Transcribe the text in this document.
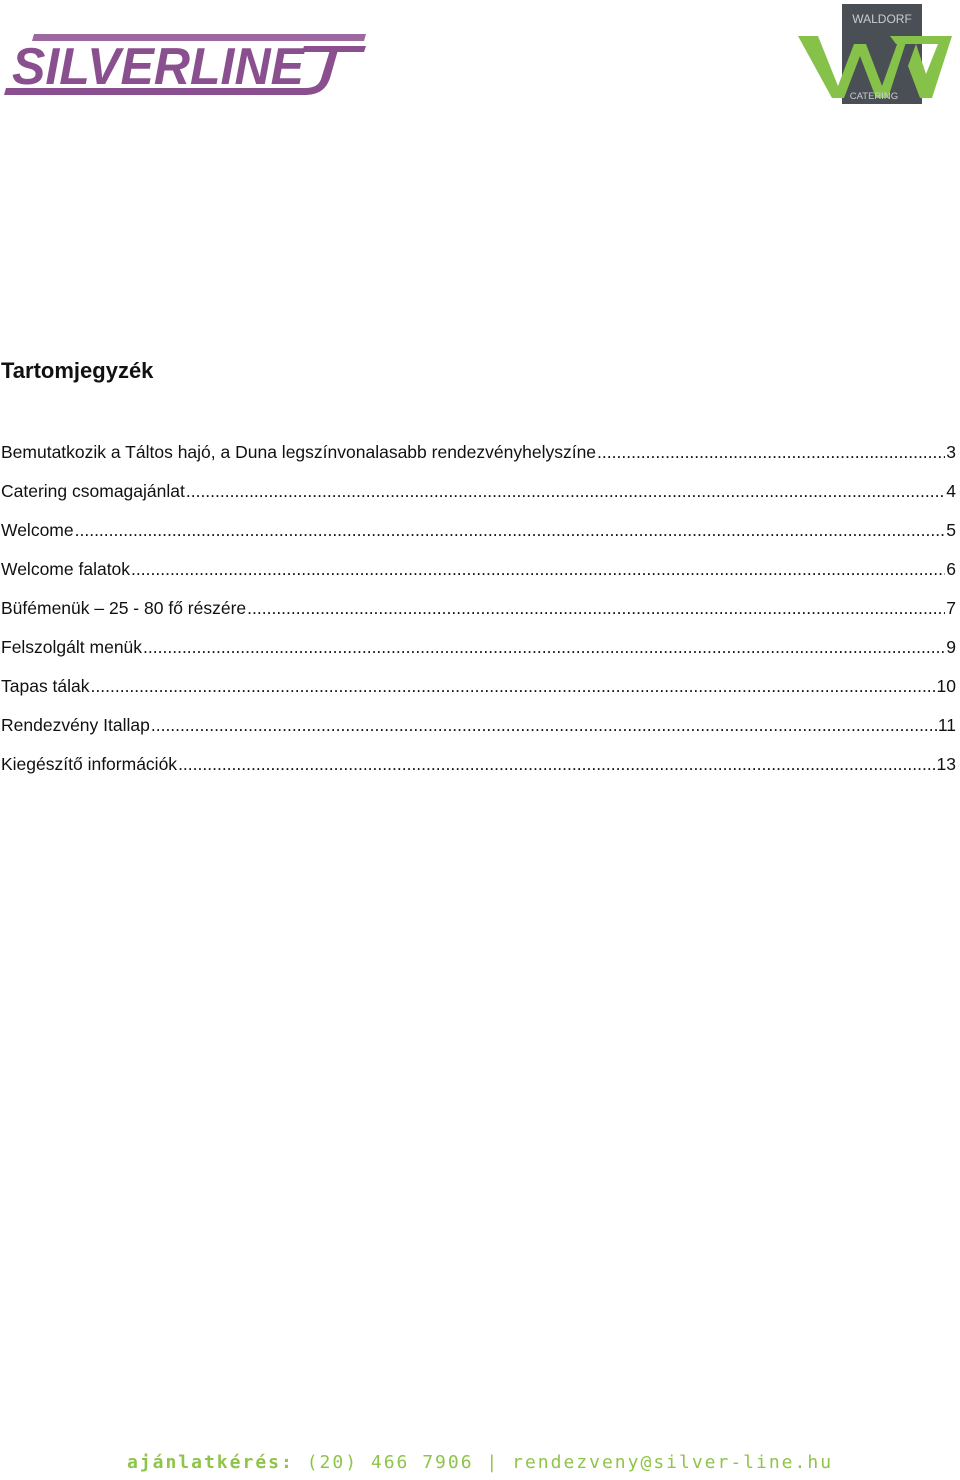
SILVERLINE
WALDORF
CATERING
Tartomjegyzék
Bemutatkozik a Táltos hajó, a Duna legszínvonalasabb rendezvényhelyszíne .....	3
Catering csomagajánlat .....	4
Welcome .....	5
Welcome falatok .....	6
Büfémenük – 25 - 80 fő részére .....	7
Felszolgált menük .....	9
Tapas tálak .....	10
Rendezvény Itallap .....	11
Kiegészítő információk .....	13
ajánlatkérés: (20) 466 7906 | rendezveny@silver-line.hu
